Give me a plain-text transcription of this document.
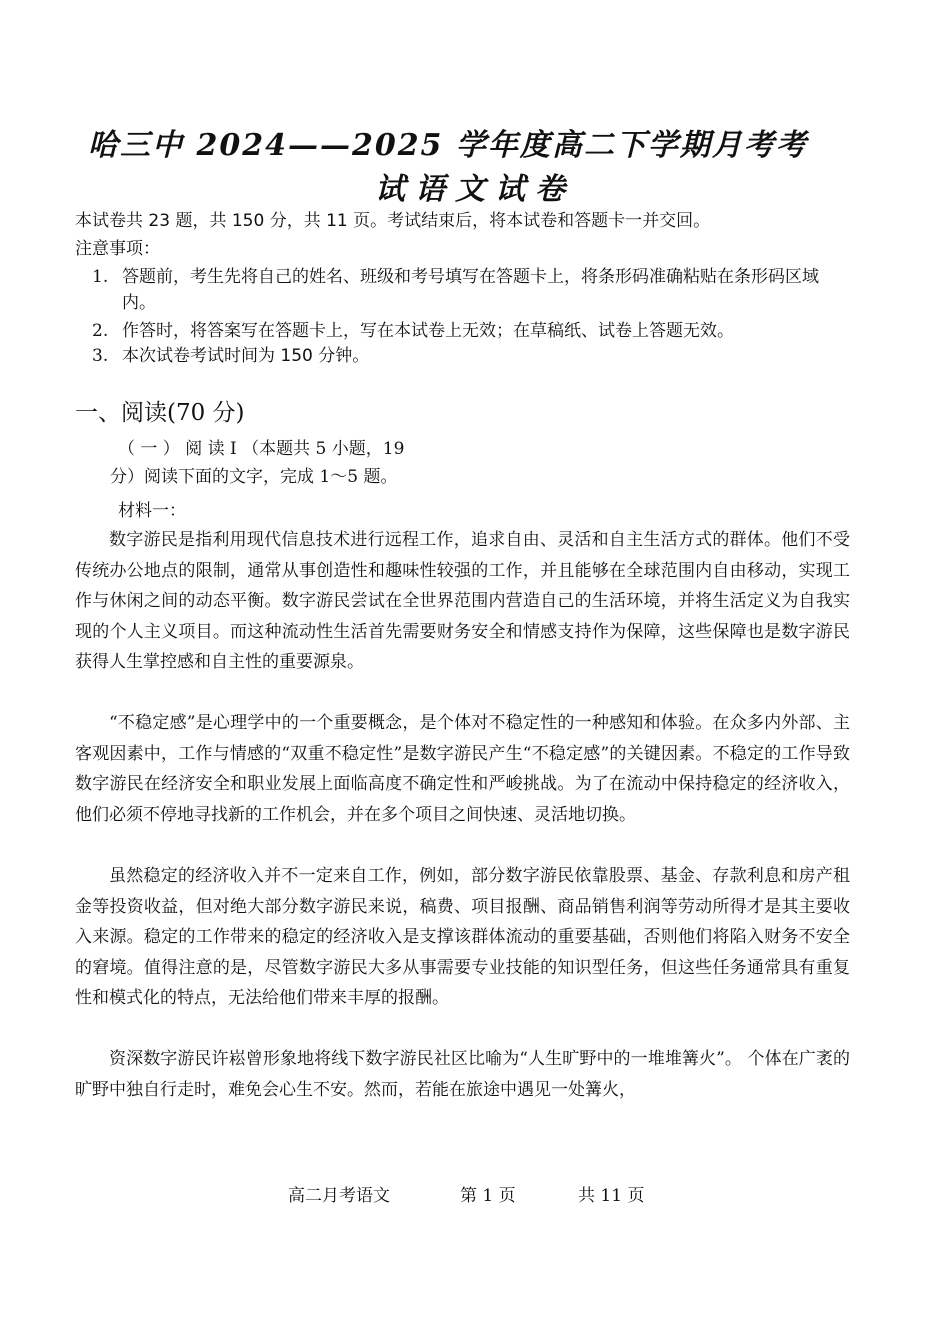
哈三中 2024——2025 学年度高二下学期月考考
试语文试卷
本试卷共 23 题，共 150 分，共 11 页。考试结束后，将本试卷和答题卡一并交回。
注意事项：
1. 答题前，考生先将自己的姓名、班级和考号填写在答题卡上，将条形码准确粘贴在条形码区域内。
2. 作答时，将答案写在答题卡上，写在本试卷上无效；在草稿纸、试卷上答题无效。
3. 本次试卷考试时间为 150 分钟。
一、阅读(70 分)
（ 一 ） 阅 读 I （本题共 5 小题，19
分）阅读下面的文字，完成 1～5 题。
材料一：

数字游民是指利用现代信息技术进行远程工作，追求自由、灵活和自主生活方式的群体。他们不受传统办公地点的限制，通常从事创造性和趣味性较强的工作，并且能够在全球范围内自由移动，实现工作与休闲之间的动态平衡。数字游民尝试在全世界范围内营造自己的生活环境，并将生活定义为自我实现的个人主义项目。而这种流动性生活首先需要财务安全和情感支持作为保障，这些保障也是数字游民获得人生掌控感和自主性的重要源泉。

“不稳定感”是心理学中的一个重要概念，是个体对不稳定性的一种感知和体验。在众多内外部、主客观因素中，工作与情感的“双重不稳定性”是数字游民产生“不稳定感”的关键因素。不稳定的工作导致数字游民在经济安全和职业发展上面临高度不确定性和严峻挑战。为了在流动中保持稳定的经济收入，他们必须不停地寻找新的工作机会，并在多个项目之间快速、灵活地切换。

虽然稳定的经济收入并不一定来自工作，例如，部分数字游民依靠股票、基金、存款利息和房产租金等投资收益，但对绝大部分数字游民来说，稿费、项目报酬、商品销售利润等劳动所得才是其主要收入来源。稳定的工作带来的稳定的经济收入是支撑该群体流动的重要基础，否则他们将陷入财务不安全的窘境。值得注意的是，尽管数字游民大多从事需要专业技能的知识型任务，但这些任务通常具有重复性和模式化的特点，无法给他们带来丰厚的报酬。

资深数字游民许崧曾形象地将线下数字游民社区比喻为“人生旷野中的一堆堆篝火”。 个体在广袤的旷野中独自行走时，难免会心生不安。然而，若能在旅途中遇见一处篝火，

高二月考语文	第 1 页	共 11 页
